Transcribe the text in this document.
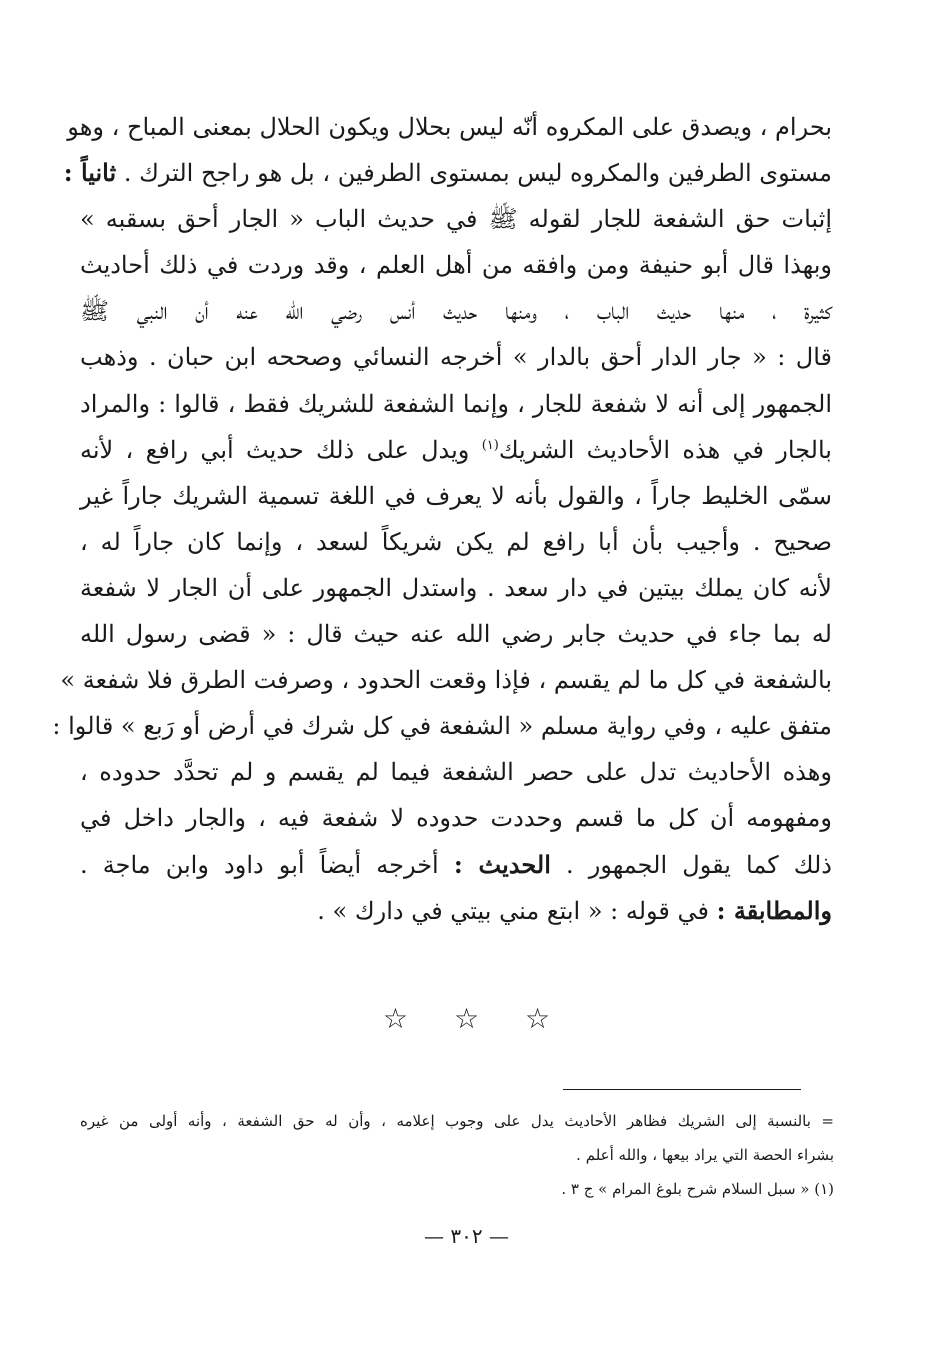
بحرام ، ويصدق على المكروه أنّه ليس بحلال ويكون الحلال بمعنى المباح ، وهو
مستوى الطرفين والمكروه ليس بمستوى الطرفين ، بل هو راجح الترك . ثانياً :
إثبات حق الشفعة للجار لقوله ﷺ في حديث الباب « الجار أحق بسقبه »
وبهذا قال أبو حنيفة ومن وافقه من أهل العلم ، وقد وردت في ذلك أحاديث
كثيرة ، منها حديث الباب ، ومنها حديث أنس رضي الله عنه أن النبي ﷺ
قال : « جار الدار أحق بالدار » أخرجه النسائي وصححه ابن حبان . وذهب
الجمهور إلى أنه لا شفعة للجار ، وإنما الشفعة للشريك فقط ، قالوا : والمراد
بالجار في هذه الأحاديث الشريك$^{(١)}$ ويدل على ذلك حديث أبي رافع ، لأنه
سمّى الخليط جاراً ، والقول بأنه لا يعرف في اللغة تسمية الشريك جاراً غير
صحيح . وأجيب بأن أبا رافع لم يكن شريكاً لسعد ، وإنما كان جاراً له ،
لأنه كان يملك بيتين في دار سعد . واستدل الجمهور على أن الجار لا شفعة
له بما جاء في حديث جابر رضي الله عنه حيث قال : « قضى رسول الله
بالشفعة في كل ما لم يقسم ، فإذا وقعت الحدود ، وصرفت الطرق فلا شفعة »
متفق عليه ، وفي رواية مسلم « الشفعة في كل شرك في أرض أو رَبع » قالوا :
وهذه الأحاديث تدل على حصر الشفعة فيما لم يقسم و لم تحدَّد حدوده ،
ومفهومه أن كل ما قسم وحددت حدوده لا شفعة فيه ، والجار داخل في
ذلك كما يقول الجمهور . الحديث : أخرجه أيضاً أبو داود وابن ماجة .
والمطابقة : في قوله : « ابتع مني بيتي في دارك » .
☆ ☆ ☆
= بالنسبة إلى الشريك فظاهر الأحاديث يدل على وجوب إعلامه ، وأن له حق الشفعة ، وأنه أولى من غيره
بشراء الحصة التي يراد بيعها ، والله أعلم .
(١) « سبل السلام شرح بلوغ المرام » ج ٣ .
— ٣٠٢ —
